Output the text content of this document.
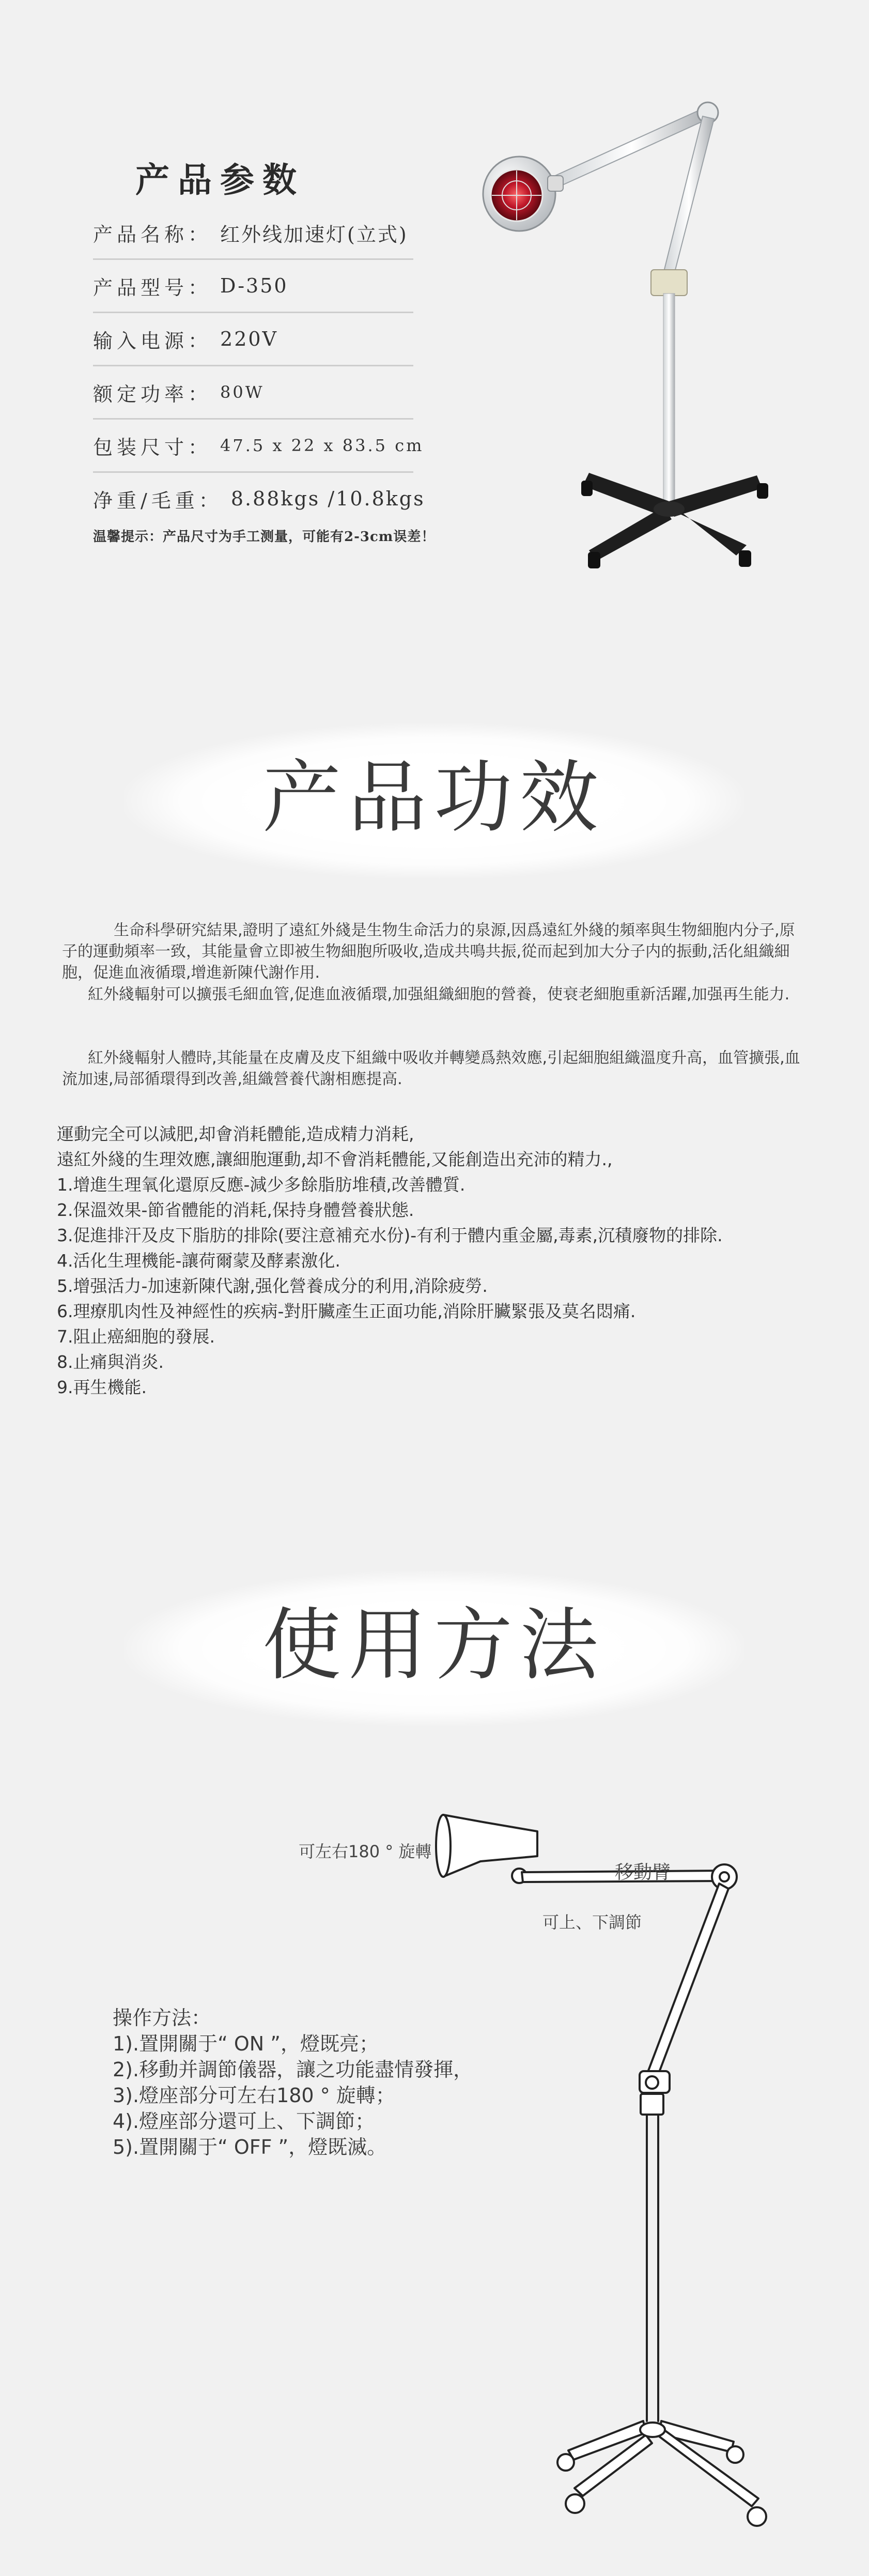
产品参数
产品名称： 红外线加速灯(立式)
产品型号： D-350
输入电源： 220V
额定功率： 80W
包装尺寸： 47.5 x 22 x 83.5 cm
净重/毛重： 8.88kgs /10.8kgs
温馨提示：产品尺寸为手工测量，可能有2-3cm误差！
产品功效
生命科學研究結果,證明了遠紅外綫是生物生命活力的泉源,因爲遠紅外綫的頻率與生物細胞内分子,原子的運動頻率一致，其能量會立即被生物細胞所吸收,造成共鳴共振,從而起到加大分子内的振動,活化組織細胞，促進血液循環,增進新陳代謝作用.
紅外綫輻射可以擴張毛細血管,促進血液循環,加强組織細胞的營養，使衰老細胞重新活躍,加强再生能力.
紅外綫輻射人體時,其能量在皮膚及皮下組織中吸收并轉變爲熱效應,引起細胞組織溫度升高，血管擴張,血流加速,局部循環得到改善,組織營養代謝相應提高.
運動完全可以減肥,却會消耗體能,造成精力消耗,
遠紅外綫的生理效應,讓細胞運動,却不會消耗體能,又能創造出充沛的精力.,
1.增進生理氧化還原反應-減少多餘脂肪堆積,改善體質.
2.保溫效果-節省體能的消耗,保持身體營養狀態.
3.促進排汗及皮下脂肪的排除(要注意補充水份)-有利于體内重金屬,毒素,沉積廢物的排除.
4.活化生理機能-讓荷爾蒙及酵素激化.
5.增强活力-加速新陳代謝,强化營養成分的利用,消除疲勞.
6.理療肌肉性及神經性的疾病-對肝臟產生正面功能,消除肝臟緊張及莫名悶痛.
7.阻止癌細胞的發展.
8.止痛與消炎.
9.再生機能.
使用方法
可左右180 ° 旋轉
移動臂
可上、下調節
操作方法：
1).置開關于“ ON ”，燈既亮；
2).移動并調節儀器，讓之功能盡情發揮，
3).燈座部分可左右180 ° 旋轉；
4).燈座部分還可上、下調節；
5).置開關于“ OFF ”，燈既滅。
